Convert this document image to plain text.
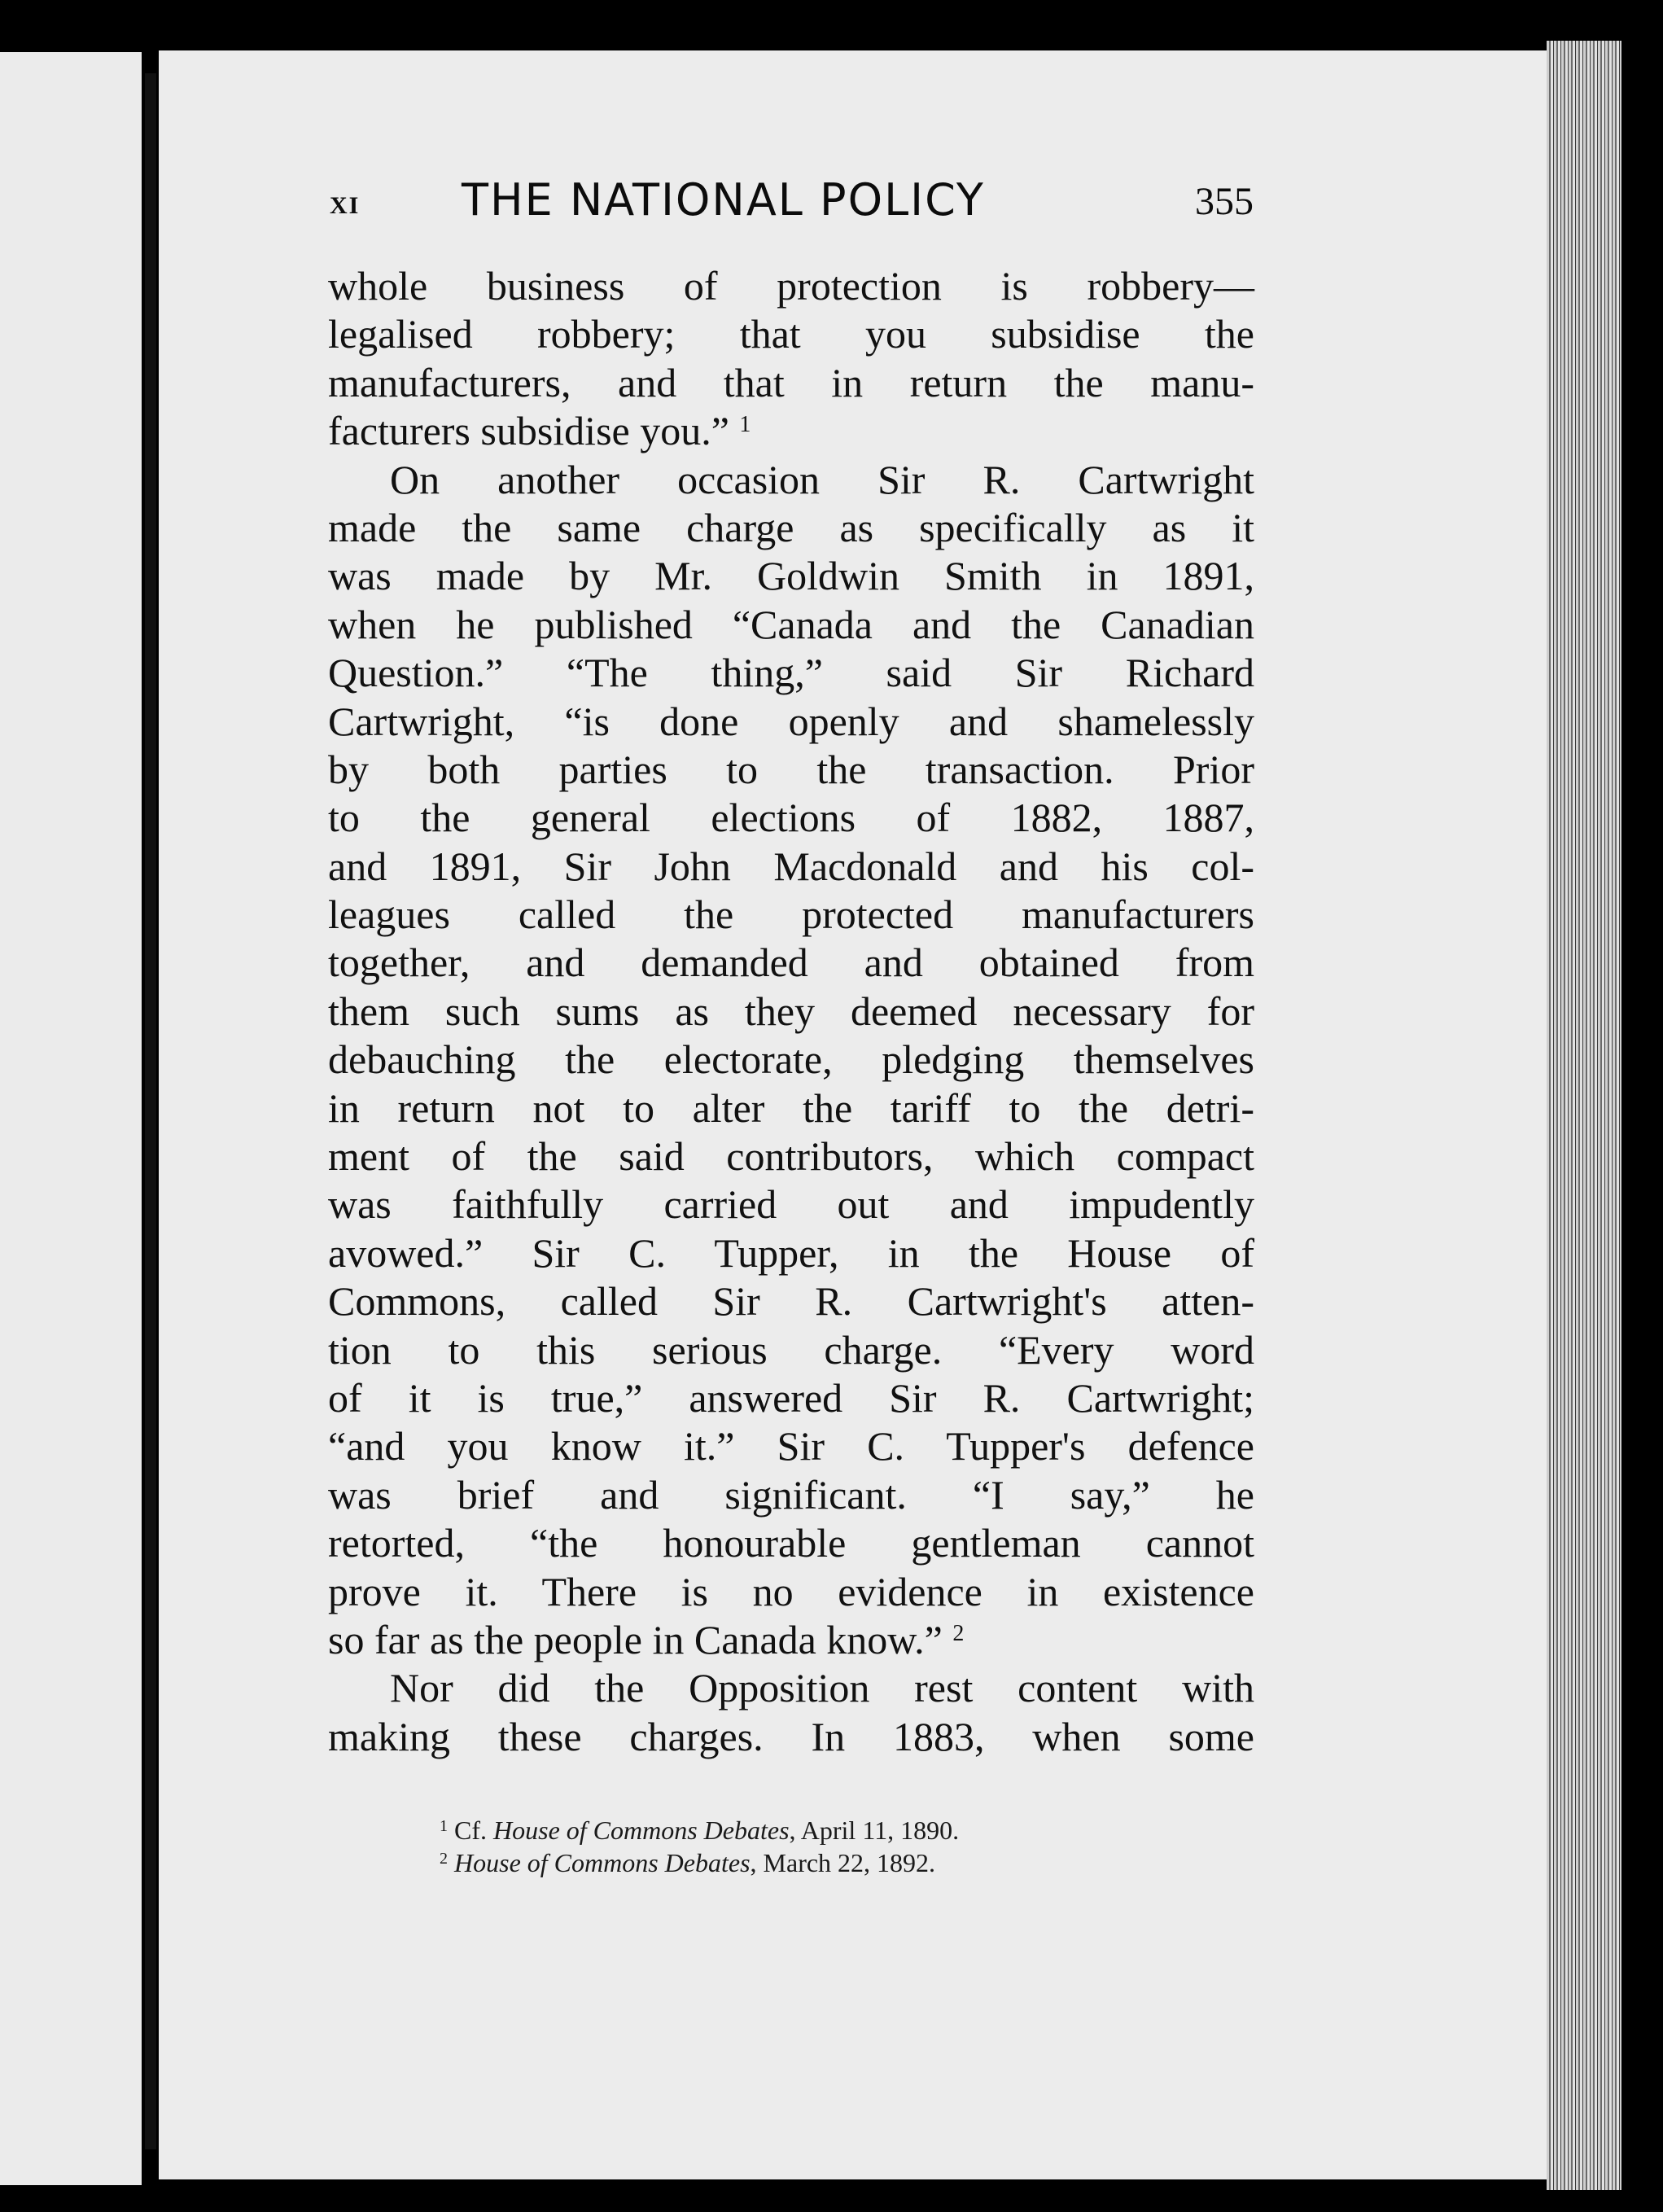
XI THE NATIONAL POLICY	355
whole business of protection is robbery—
legalised robbery; that you subsidise the
manufacturers, and that in return the manu-
facturers subsidise you.” $^1$
On another occasion Sir R. Cartwright
made the same charge as specifically as it
was made by Mr. Goldwin Smith in 1891,
when he published “Canada and the Canadian
Question.” “The thing,” said Sir Richard
Cartwright, “is done openly and shamelessly
by both parties to the transaction. Prior
to the general elections of 1882, 1887,
and 1891, Sir John Macdonald and his col-
leagues called the protected manufacturers
together, and demanded and obtained from
them such sums as they deemed necessary for
debauching the electorate, pledging themselves
in return not to alter the tariff to the detri-
ment of the said contributors, which compact
was faithfully carried out and impudently
avowed.” Sir C. Tupper, in the House of
Commons, called Sir R. Cartwright's atten-
tion to this serious charge. “Every word
of it is true,” answered Sir R. Cartwright;
“and you know it.” Sir C. Tupper's defence
was brief and significant. “I say,” he
retorted, “the honourable gentleman cannot
prove it. There is no evidence in existence
so far as the people in Canada know.” $^2$
Nor did the Opposition rest content with
making these charges. In 1883, when some
$^1$ Cf. House of Commons Debates, April 11, 1890.
$^2$ House of Commons Debates, March 22, 1892.
